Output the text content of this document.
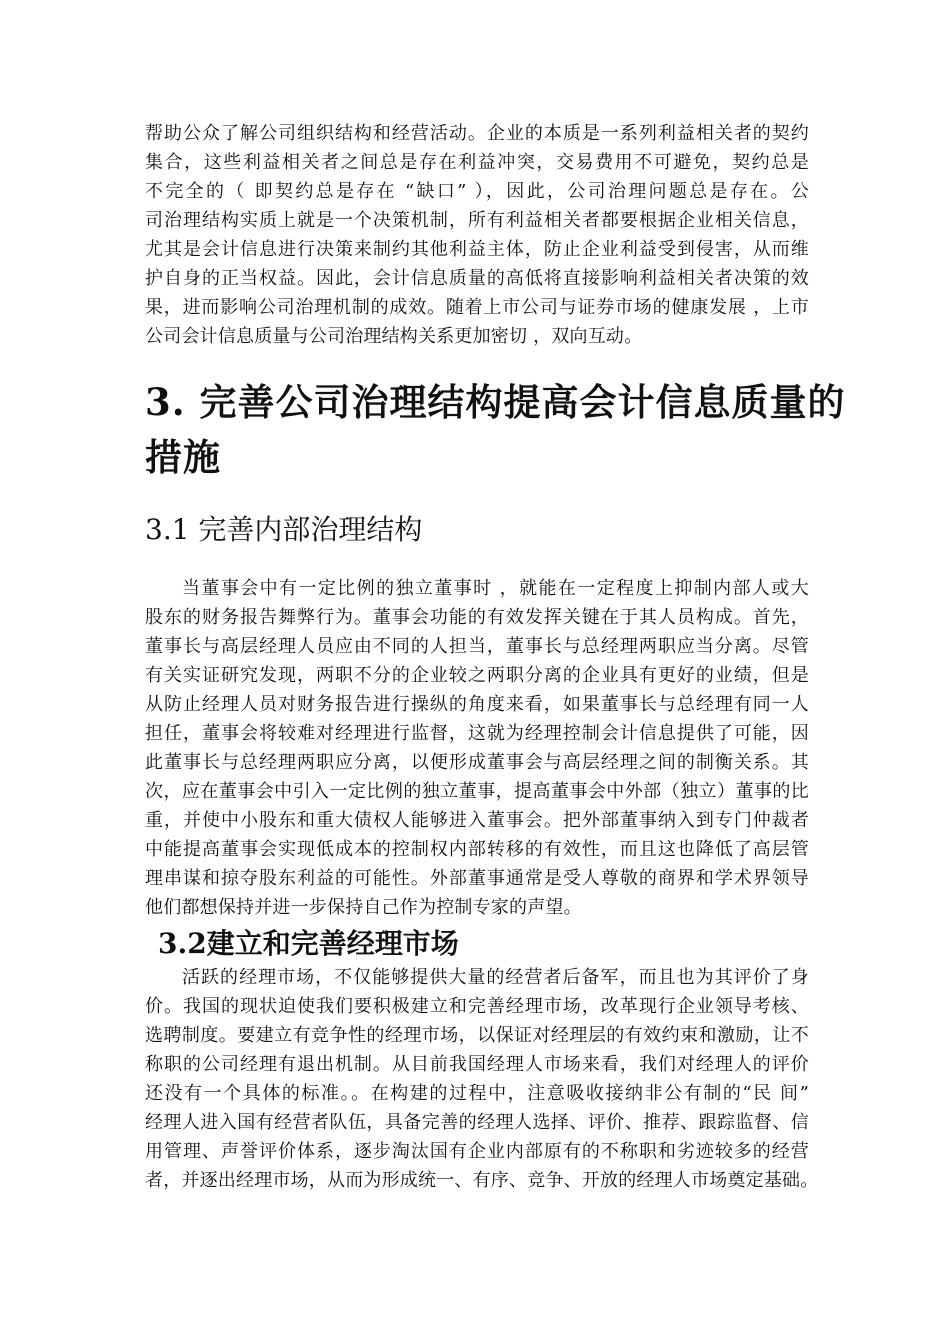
帮助公众了解公司组织结构和经营活动。企业的本质是一系列利益相关者的契约
集合，这些利益相关者之间总是存在利益冲突，交易费用不可避免，契约总是
不完全的（ 即契约总是存在 “缺口” ），因此，公司治理问题总是存在。公
司治理结构实质上就是一个决策机制，所有利益相关者都要根据企业相关信息，
尤其是会计信息进行决策来制约其他利益主体，防止企业利益受到侵害，从而维
护自身的正当权益。因此，会计信息质量的高低将直接影响利益相关者决策的效
果，进而影响公司治理机制的成效。随着上市公司与证券市场的健康发展 ，上市
公司会计信息质量与公司治理结构关系更加密切 ，双向互动。
3. 完善公司治理结构提高会计信息质量的
措施
3.1 完善内部治理结构
当董事会中有一定比例的独立董事时 ，就能在一定程度上抑制内部人或大
股东的财务报告舞弊行为。董事会功能的有效发挥关键在于其人员构成。首先，
董事长与高层经理人员应由不同的人担当，董事长与总经理两职应当分离。尽管
有关实证研究发现，两职不分的企业较之两职分离的企业具有更好的业绩，但是
从防止经理人员对财务报告进行操纵的角度来看，如果董事长与总经理有同一人
担任，董事会将较难对经理进行监督，这就为经理控制会计信息提供了可能，因
此董事长与总经理两职应分离，以便形成董事会与高层经理之间的制衡关系。其
次，应在董事会中引入一定比例的独立董事，提高董事会中外部（独立）董事的比
重，并使中小股东和重大债权人能够进入董事会。把外部董事纳入到专门仲裁者
中能提高董事会实现低成本的控制权内部转移的有效性，而且这也降低了高层管
理串谋和掠夺股东利益的可能性。外部董事通常是受人尊敬的商界和学术界领导
他们都想保持并进一步保持自己作为控制专家的声望。
3.2建立和完善经理市场
活跃的经理市场，不仅能够提供大量的经营者后备军，而且也为其评价了身
价。我国的现状迫使我们要积极建立和完善经理市场，改革现行企业领导考核、
选聘制度。要建立有竞争性的经理市场，以保证对经理层的有效约束和激励，让不
称职的公司经理有退出机制。从目前我国经理人市场来看，我们对经理人的评价
还没有一个具体的标准。。在构建的过程中，注意吸收接纳非公有制的“民 间”
经理人进入国有经营者队伍，具备完善的经理人选择、评价、推荐、跟踪监督、信
用管理、声誉评价体系，逐步淘汰国有企业内部原有的不称职和劣迹较多的经营
者，并逐出经理市场，从而为形成统一、有序、竞争、开放的经理人市场奠定基础。
